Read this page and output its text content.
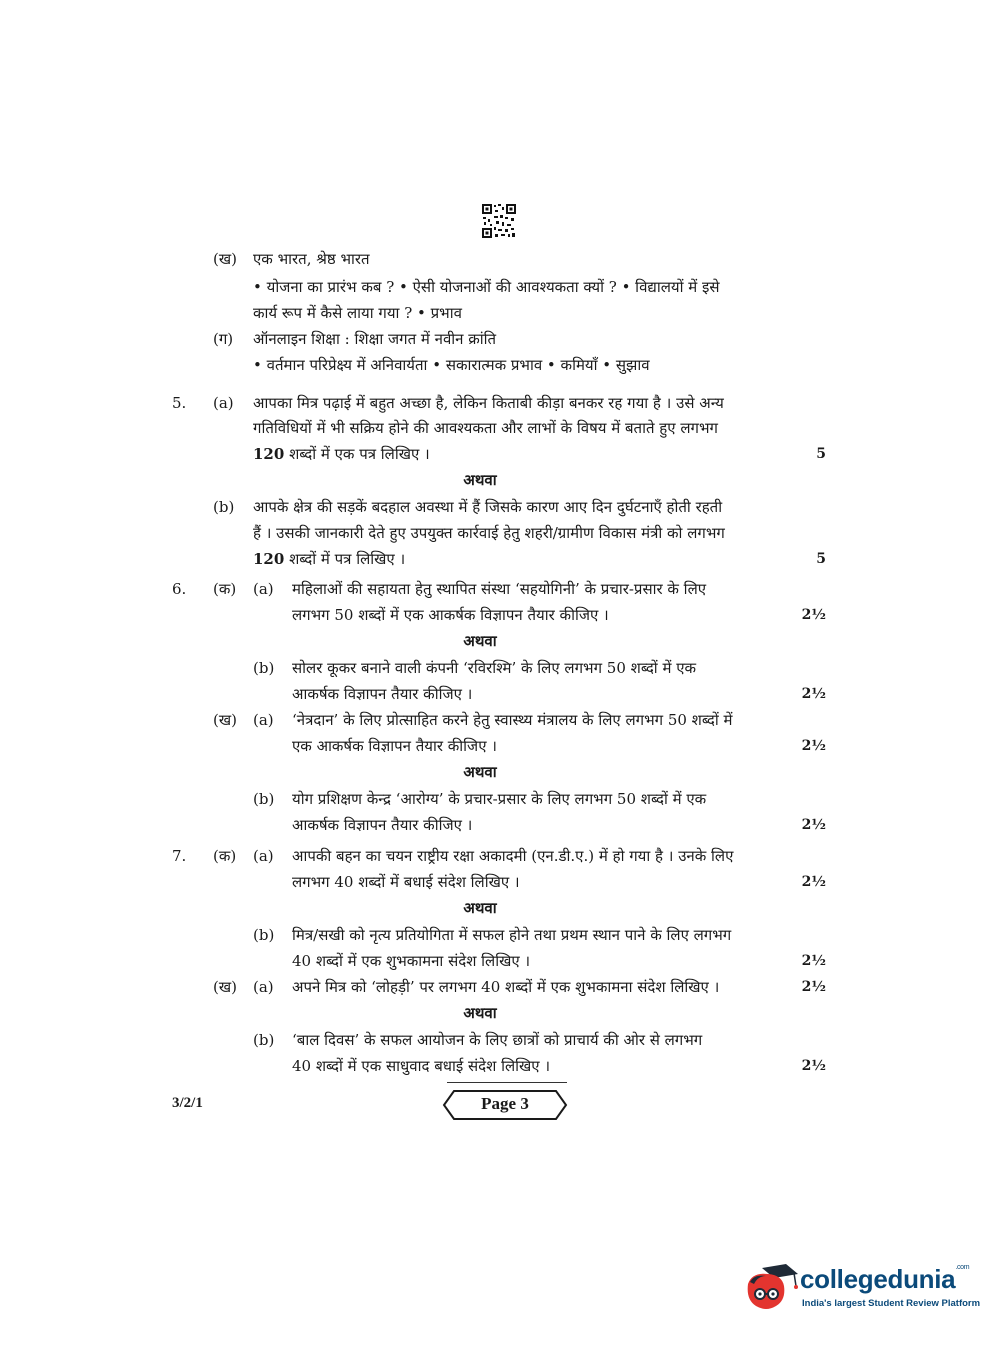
(ख) एक भारत, श्रेष्ठ भारत
• योजना का प्रारंभ कब ? • ऐसी योजनाओं की आवश्यकता क्यों ? • विद्यालयों में इसे
कार्य रूप में कैसे लाया गया ? • प्रभाव
(ग) ऑनलाइन शिक्षा : शिक्षा जगत में नवीन क्रांति
• वर्तमान परिप्रेक्ष्य में अनिवार्यता • सकारात्मक प्रभाव • कमियाँ • सुझाव
5. (a) आपका मित्र पढ़ाई में बहुत अच्छा है, लेकिन किताबी कीड़ा बनकर रह गया है । उसे अन्य
गतिविधियों में भी सक्रिय होने की आवश्यकता और लाभों के विषय में बताते हुए लगभग
120 शब्दों में एक पत्र लिखिए ।	5
अथवा
(b) आपके क्षेत्र की सड़कें बदहाल अवस्था में हैं जिसके कारण आए दिन दुर्घटनाएँ होती रहती
हैं । उसकी जानकारी देते हुए उपयुक्त कार्रवाई हेतु शहरी/ग्रामीण विकास मंत्री को लगभग
120 शब्दों में पत्र लिखिए ।	5
6. (क) (a) महिलाओं की सहायता हेतु स्थापित संस्था ‘सहयोगिनी’ के प्रचार-प्रसार के लिए
लगभग 50 शब्दों में एक आकर्षक विज्ञापन तैयार कीजिए ।	2½
अथवा
(b) सोलर कूकर बनाने वाली कंपनी ‘रविरश्मि’ के लिए लगभग 50 शब्दों में एक
आकर्षक विज्ञापन तैयार कीजिए ।	2½
(ख) (a) ‘नेत्रदान’ के लिए प्रोत्साहित करने हेतु स्वास्थ्य मंत्रालय के लिए लगभग 50 शब्दों में
एक आकर्षक विज्ञापन तैयार कीजिए ।	2½
अथवा
(b) योग प्रशिक्षण केन्द्र ‘आरोग्य’ के प्रचार-प्रसार के लिए लगभग 50 शब्दों में एक
आकर्षक विज्ञापन तैयार कीजिए ।	2½
7. (क) (a) आपकी बहन का चयन राष्ट्रीय रक्षा अकादमी (एन.डी.ए.) में हो गया है । उनके लिए
लगभग 40 शब्दों में बधाई संदेश लिखिए ।	2½
अथवा
(b) मित्र/सखी को नृत्य प्रतियोगिता में सफल होने तथा प्रथम स्थान पाने के लिए लगभग
40 शब्दों में एक शुभकामना संदेश लिखिए ।	2½
(ख) (a) अपने मित्र को ‘लोहड़ी’ पर लगभग 40 शब्दों में एक शुभकामना संदेश लिखिए ।	2½
अथवा
(b) ‘बाल दिवस’ के सफल आयोजन के लिए छात्रों को प्राचार्य की ओर से लगभग
40 शब्दों में एक साधुवाद बधाई संदेश लिखिए ।	2½
3/2/1	Page 3
collegedunia$^{.com}$
India's largest Student Review Platform
